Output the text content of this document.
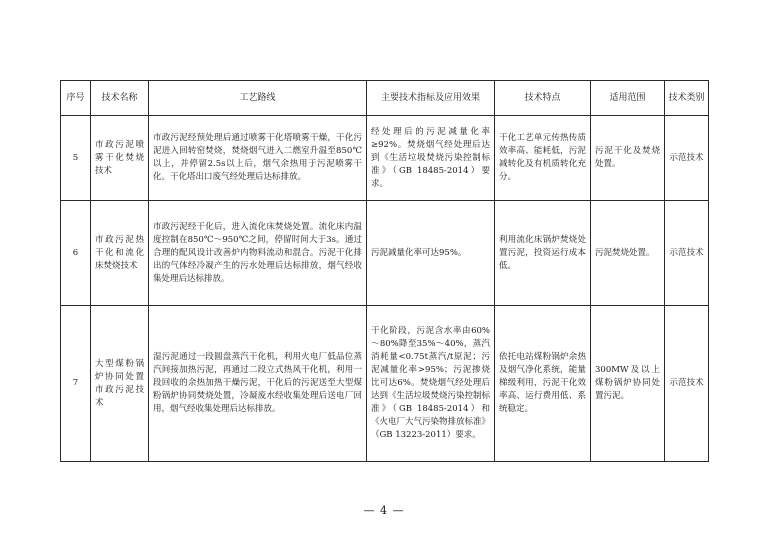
序号	技术名称	工艺路线	主要技术指标及应用效果	技术特点	适用范围	技术类别
5	市政污泥喷雾干化焚烧技术	市政污泥经预处理后通过喷雾干化塔喷雾干燥，干化污泥进入回转窑焚烧，焚烧烟气进入二燃室升温至850℃以上，并停留2.5s以上后，烟气余热用于污泥喷雾干化。干化塔出口废气经处理后达标排放。	经处理后的污泥减量化率≥92%。焚烧烟气经处理后达到《生活垃圾焚烧污染控制标准》（GB 18485-2014）要求。	干化工艺单元传热传质效率高、能耗低，污泥减转化及有机质转化充分。	污泥干化及焚烧处置。	示范技术
6	市政污泥热干化和流化床焚烧技术	市政污泥经干化后，进入流化床焚烧处置。流化床内温度控制在850℃～950℃之间，停留时间大于3s。通过合理的配风设计改善炉内物料流动和混合。污泥干化排出的气体经冷凝产生的污水处理后达标排放，烟气经收集处理后达标排放。	污泥减量化率可达95%。	利用流化床锅炉焚烧处置污泥，投资运行成本低。	污泥焚烧处置。	示范技术
7	大型煤粉锅炉协同处置市政污泥技术	湿污泥通过一段圆盘蒸汽干化机，利用火电厂低品位蒸汽间接加热污泥，再通过二段立式热风干化机，利用一段回收的余热加热干燥污泥，干化后的污泥送至大型煤粉锅炉协同焚烧处置，冷凝废水经收集处理后送电厂回用，烟气经收集处理后达标排放。	干化阶段，污泥含水率由60%～80%降至35%～40%，蒸汽消耗量<0.75t蒸汽/t原泥；污泥减量化率>95%；污泥掺烧比可达6%。焚烧烟气经处理后达到《生活垃圾焚烧污染控制标准》（GB 18485-2014）和《火电厂大气污染物排放标准》（GB 13223-2011）要求。	依托电站煤粉锅炉余热及烟气净化系统，能量梯级利用，污泥干化效率高、运行费用低、系统稳定。	300MW及以上煤粉锅炉协同处置污泥。	示范技术
— 4 —
